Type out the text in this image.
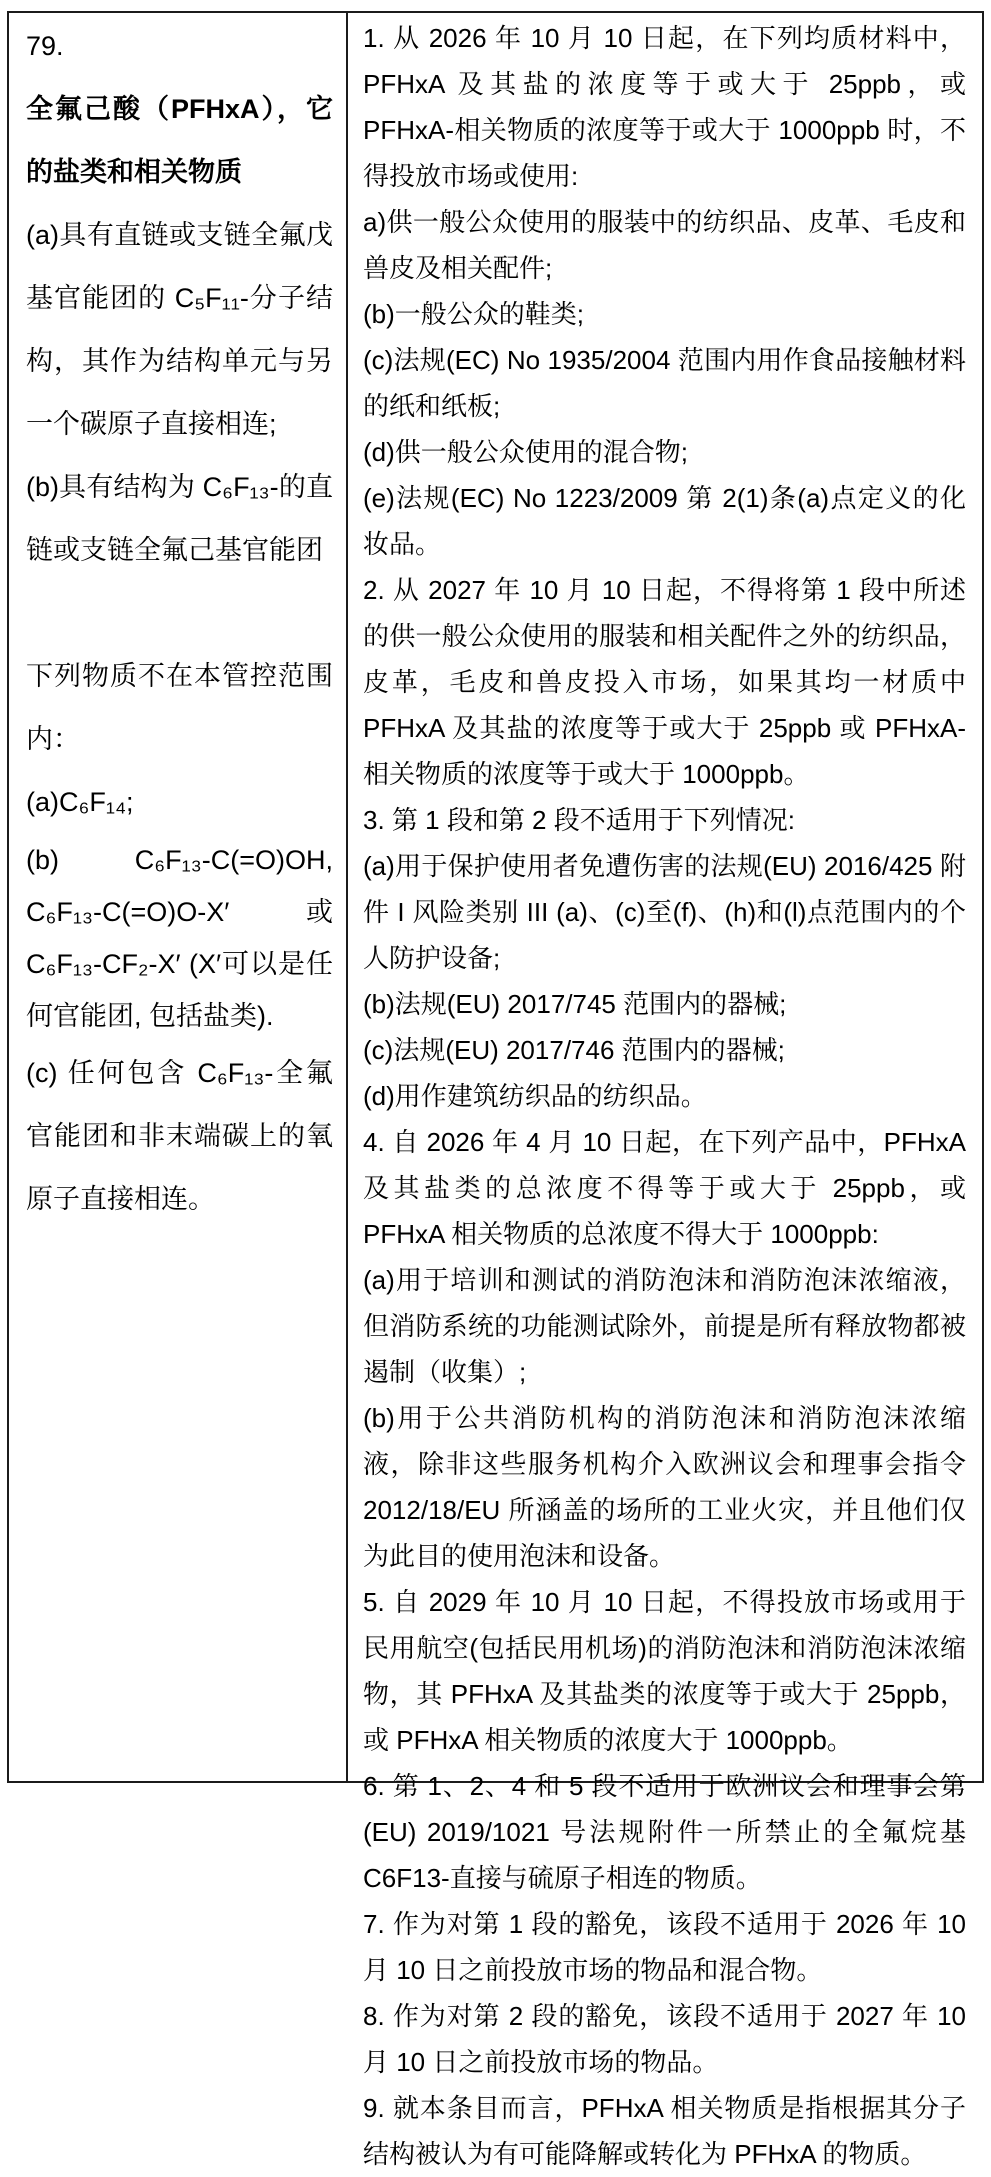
79.

全氟己酸（PFHxA），它的盐类和相关物质

(a)具有直链或支链全氟戊基官能团的 C₅F₁₁-分子结构，其作为结构单元与另一个碳原子直接相连;

(b)具有结构为 C₆F₁₃-的直链或支链全氟己基官能团

下列物质不在本管控范围内：

(a)C₆F₁₄;

(b) C₆F₁₃-C(=O)OH, C₆F₁₃-C(=O)O-X′或 C₆F₁₃-CF₂-X′ (X′可以是任何官能团, 包括盐类).

(c) 任何包含 C₆F₁₃-全氟官能团和非末端碳上的氧原子直接相连。

1. 从 2026 年 10 月 10 日起，在下列均质材料中，PFHxA 及其盐的浓度等于或大于 25ppb，或 PFHxA-相关物质的浓度等于或大于 1000ppb 时，不得投放市场或使用:

a)供一般公众使用的服装中的纺织品、皮革、毛皮和兽皮及相关配件;

(b)一般公众的鞋类;

(c)法规(EC) No 1935/2004 范围内用作食品接触材料的纸和纸板;

(d)供一般公众使用的混合物;

(e)法规(EC) No 1223/2009 第 2(1)条(a)点定义的化妆品。

2. 从 2027 年 10 月 10 日起，不得将第 1 段中所述的供一般公众使用的服装和相关配件之外的纺织品，皮革，毛皮和兽皮投入市场，如果其均一材质中 PFHxA 及其盐的浓度等于或大于 25ppb 或 PFHxA-相关物质的浓度等于或大于 1000ppb。

3. 第 1 段和第 2 段不适用于下列情况:

(a)用于保护使用者免遭伤害的法规(EU) 2016/425 附件 I 风险类别 III (a)、(c)至(f)、(h)和(l)点范围内的个人防护设备;

(b)法规(EU) 2017/745 范围内的器械;

(c)法规(EU) 2017/746 范围内的器械;

(d)用作建筑纺织品的纺织品。

4. 自 2026 年 4 月 10 日起，在下列产品中，PFHxA 及其盐类的总浓度不得等于或大于 25ppb，或 PFHxA 相关物质的总浓度不得大于 1000ppb:

(a)用于培训和测试的消防泡沫和消防泡沫浓缩液，但消防系统的功能测试除外，前提是所有释放物都被遏制（收集）;

(b)用于公共消防机构的消防泡沫和消防泡沫浓缩液，除非这些服务机构介入欧洲议会和理事会指令 2012/18/EU 所涵盖的场所的工业火灾，并且他们仅为此目的使用泡沫和设备。

5. 自 2029 年 10 月 10 日起，不得投放市场或用于民用航空(包括民用机场)的消防泡沫和消防泡沫浓缩物，其 PFHxA 及其盐类的浓度等于或大于 25ppb，或 PFHxA 相关物质的浓度大于 1000ppb。

6. 第 1、2、4 和 5 段不适用于欧洲议会和理事会第(EU) 2019/1021 号法规附件一所禁止的全氟烷基 C6F13-直接与硫原子相连的物质。

7. 作为对第 1 段的豁免，该段不适用于 2026 年 10 月 10 日之前投放市场的物品和混合物。

8. 作为对第 2 段的豁免，该段不适用于 2027 年 10 月 10 日之前投放市场的物品。

9. 就本条目而言，PFHxA 相关物质是指根据其分子结构被认为有可能降解或转化为 PFHxA 的物质。
